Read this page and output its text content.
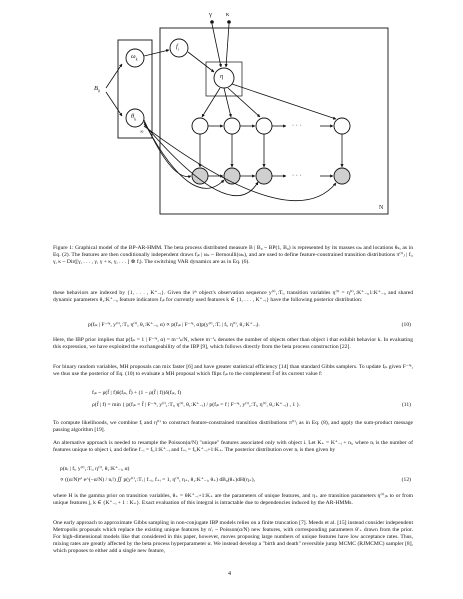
$\omega_k$
$\theta_k$
$B_0$
$f_i$
γ κ
η
∞
N
· · ·
· · ·
Figure 1: Graphical model of the BP-AR-HMM. The beta process distributed measure B | B₀ ~ BP(1, B₀) is represented by its masses ωₖ and locations θₖ, as in Eq. (2). The features are then conditionally independent draws fᵢₖ | ωₖ ~ Bernoulli(ωₖ), and are used to define feature-constrained transition distributions π⁽ⁱ⁾ⱼ | fᵢ, γ, κ ~ Dir([γ, . . . , γ, γ + κ, γ, . . . ] ⊗ fᵢ). The switching VAR dynamics are as in Eq. (6).

these behaviors are indexed by {1, . . . , K⁺₋ᵢ}. Given the iᵗʰ object's observation sequence y⁽ⁱ⁾₁:Tᵢ, transition variables η⁽ⁱ⁾ = η⁽ⁱ⁾₁:K⁺₋ᵢ,1:K⁺₋ᵢ, and shared dynamic parameters θ₁:K⁺₋ᵢ, feature indicators fᵢₖ for currently used features k ∈ {1, . . . , K⁺₋ᵢ} have the following posterior distribution:

p(fᵢₖ | F⁻ⁱᵏ, y⁽ⁱ⁾₁:Tᵢ, η⁽ⁱ⁾, θ₁:K⁺₋ᵢ, α) ∝ p(fᵢₖ | F⁻ⁱᵏ, α)p(y⁽ⁱ⁾₁:Tᵢ | fᵢ, η⁽ⁱ⁾, θ₁:K⁺₋ᵢ).	(10)

Here, the IBP prior implies that p(fᵢₖ = 1 | F⁻ⁱᵏ, α) = m⁻ⁱₖ/N, where m⁻ⁱₖ denotes the number of objects other than object i that exhibit behavior k. In evaluating this expression, we have exploited the exchangeability of the IBP [9], which follows directly from the beta process construction [22].

For binary random variables, MH proposals can mix faster [6] and have greater statistical efficiency [14] than standard Gibbs samplers. To update fᵢₖ given F⁻ⁱᵏ, we thus use the posterior of Eq. (10) to evaluate a MH proposal which flips fᵢₖ to the complement f̄ of its current value f:

fᵢₖ ~ ρ(f̄ | f)δ(fᵢₖ, f̄) + (1 − ρ(f̄ | f))δ(fᵢₖ, f)
ρ(f̄ | f) = min { p(fᵢₖ = f̄ | F⁻ⁱᵏ, y⁽ⁱ⁾₁:Tᵢ, η⁽ⁱ⁾, θ₁:K⁺₋ᵢ) / p(fᵢₖ = f | F⁻ⁱᵏ, y⁽ⁱ⁾₁:Tᵢ, η⁽ⁱ⁾, θ₁:K⁺₋ᵢ) , 1 }.	(11)

To compute likelihoods, we combine fᵢ and η⁽ⁱ⁾ to construct feature-constrained transition distributions π⁽ⁱ⁾ⱼ as in Eq. (8), and apply the sum-product message passing algorithm [19].

An alternative approach is needed to resample the Poisson(α/N) "unique" features associated only with object i. Let K₊ = K⁺₋ᵢ + nᵢ, where nᵢ is the number of features unique to object i, and define f₋ᵢ = fᵢ,1:K⁺₋ᵢ and f₊ᵢ = fᵢ,K⁺₋ᵢ+1:K₊. The posterior distribution over nᵢ is then given by

p(nᵢ | fᵢ, y⁽ⁱ⁾₁:Tᵢ, η⁽ⁱ⁾, θ₁:K⁺₋ᵢ, α)
∝ ((α/N)ⁿⁱ e^(−α/N) / nᵢ!) ∬ p(y⁽ⁱ⁾₁:Tᵢ | f₋ᵢ, f₊ᵢ = 1, η⁽ⁱ⁾, η₊, θ₁:K⁺₋ᵢ, θ₊) dB₀(θ₊)dH(η₊),	(12)

where H is the gamma prior on transition variables, θ₊ = θK⁺₋ᵢ+1:K₊ are the parameters of unique features, and η₊ are transition parameters η⁽ⁱ⁾ⱼₖ to or from unique features j, k ∈ {K⁺₋ᵢ + 1 : K₊}. Exact evaluation of this integral is intractable due to dependencies induced by the AR-HMMs.

One early approach to approximate Gibbs sampling in non-conjugate IBP models relies on a finite truncation [7]. Meeds et al. [15] instead consider independent Metropolis proposals which replace the existing unique features by n′ᵢ ~ Poisson(α/N) new features, with corresponding parameters θ′₊ drawn from the prior. For high-dimensional models like that considered in this paper, however, moves proposing large numbers of unique features have low acceptance rates. Thus, mixing rates are greatly affected by the beta process hyperparameter α. We instead develop a "birth and death" reversible jump MCMC (RJMCMC) sampler [8], which proposes to either add a single new feature,

4
